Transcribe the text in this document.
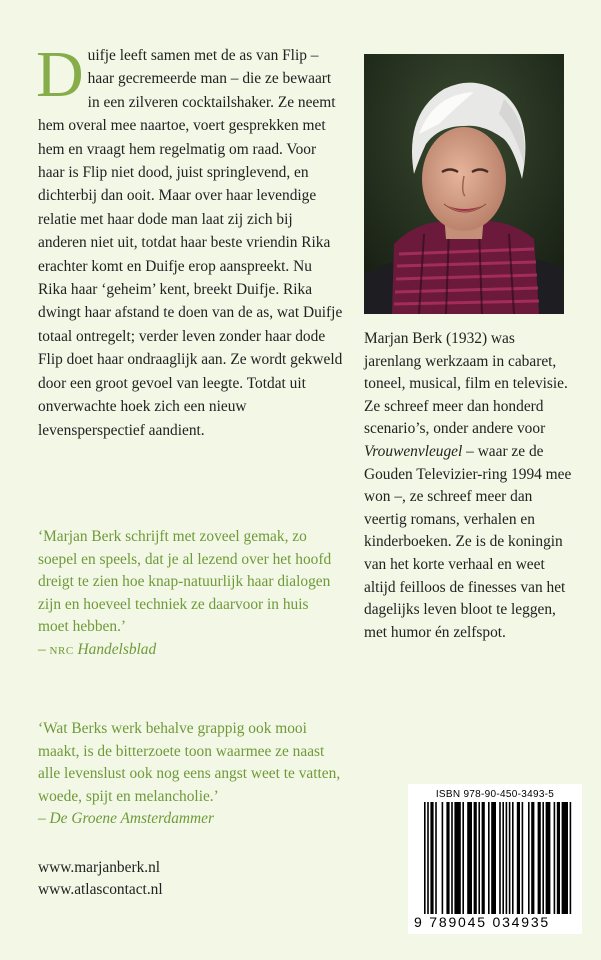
Duifje leeft samen met de as van Flip – haar gecremeerde man – die ze bewaart in een zilveren cocktailshaker. Ze neemt hem overal mee naartoe, voert gesprekken met hem en vraagt hem regelmatig om raad. Voor haar is Flip niet dood, juist springlevend, en dichterbij dan ooit. Maar over haar levendige relatie met haar dode man laat zij zich bij anderen niet uit, totdat haar beste vriendin Rika erachter komt en Duifje erop aanspreekt. Nu Rika haar ‘geheim’ kent, breekt Duifje. Rika dwingt haar afstand te doen van de as, wat Duifje totaal ontregelt; verder leven zonder haar dode Flip doet haar ondraaglijk aan. Ze wordt gekweld door een groot gevoel van leegte. Totdat uit onverwachte hoek zich een nieuw levensperspectief aandient.

‘Marjan Berk schrijft met zoveel gemak, zo soepel en speels, dat je al lezend over het hoofd dreigt te zien hoe knap-natuurlijk haar dialogen zijn en hoeveel techniek ze daarvoor in huis moet hebben.’
– NRC Handelsblad
‘Wat Berks werk behalve grappig ook mooi maakt, is de bitterzoete toon waarmee ze naast alle levenslust ook nog eens angst weet te vatten, woede, spijt en melancholie.’
– De Groene Amsterdammer
www.marjanberk.nl
www.atlascontact.nl
Marjan Berk (1932) was jarenlang werkzaam in cabaret, toneel, musical, film en televisie. Ze schreef meer dan honderd scenario’s, onder andere voor Vrouwenvleugel – waar ze de Gouden Televizier-ring 1994 mee won –, ze schreef meer dan veertig romans, verhalen en kinderboeken. Ze is de koningin van het korte verhaal en weet altijd feilloos de finesses van het dagelijks leven bloot te leggen, met humor én zelfspot.
ISBN 978-90-450-3493-5
9 789045 034935
